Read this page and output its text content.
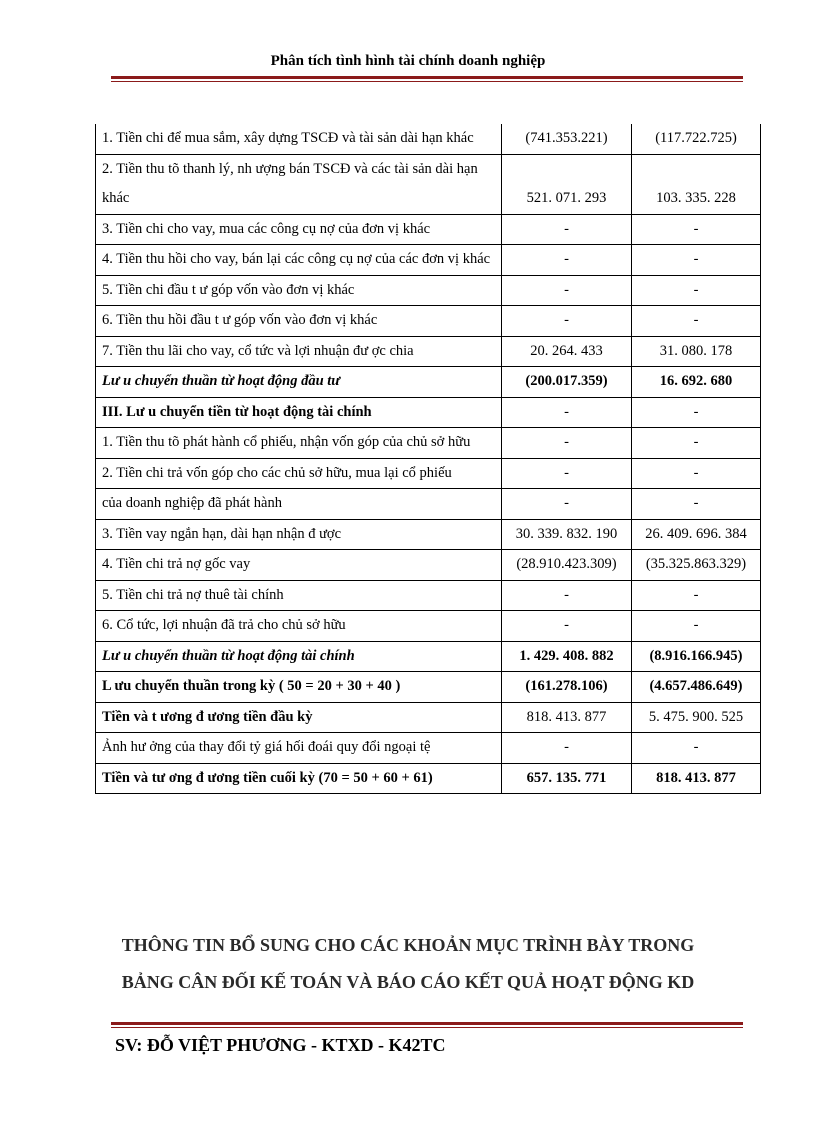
Phân tích tình hình tài chính doanh nghiệp
1. Tiền chi để mua sắm, xây dựng TSCĐ và tài sản dài hạn khác	(741.353.221)	(117.722.725)
2. Tiền thu tõ thanh lý, nh ượng bán TSCĐ và các tài sản dài hạn khác	521. 071. 293	103. 335. 228
3. Tiền chi cho vay, mua các công cụ nợ của đơn vị khác	-	-
4. Tiền thu hồi cho vay, bán lại các công cụ nợ của các đơn vị khác	-	-
5. Tiền chi đầu t ư góp vốn vào đơn vị khác	-	-
6. Tiền thu hồi đầu t ư góp vốn vào đơn vị khác	-	-
7. Tiền thu lãi cho vay, cổ tức và lợi nhuận đư ợc chia	20. 264. 433	31. 080. 178
Lư u chuyển thuần từ hoạt động đầu tư	(200.017.359)	16. 692. 680
III. Lư u chuyển tiền từ hoạt động tài chính	-	-
1. Tiền thu tõ phát hành cổ phiếu, nhận vốn góp của chủ sở hữu	-	-
2. Tiền chi trả vốn góp cho các chủ sở hữu, mua lại cổ phiếu	-	-
của doanh nghiệp đã phát hành	-	-
3. Tiền vay ngắn hạn, dài hạn nhận đ ược	30. 339. 832. 190	26. 409. 696. 384
4. Tiền chi trả nợ gốc vay	(28.910.423.309)	(35.325.863.329)
5. Tiền chi trả nợ thuê tài chính	-	-
6. Cổ tức, lợi nhuận đã trả cho chủ sở hữu	-	-
Lư u chuyển thuần từ hoạt động tài chính	1. 429. 408. 882	(8.916.166.945)
L ưu chuyển thuần trong kỳ ( 50 = 20 + 30 + 40 )	(161.278.106)	(4.657.486.649)
Tiền và t ương đ ương tiền đầu kỳ	818. 413. 877	5. 475. 900. 525
Ảnh hư ởng của thay đổi tỷ giá hối đoái quy đổi ngoại tệ	-	-
Tiền và tư ơng đ ương tiền cuối kỳ (70 = 50 + 60 + 61)	657. 135. 771	818. 413. 877
THÔNG TIN BỔ SUNG CHO CÁC KHOẢN MỤC TRÌNH BÀY TRONG
BẢNG CÂN ĐỐI KẾ TOÁN VÀ BÁO CÁO KẾT QUẢ HOẠT ĐỘNG KD
SV: ĐỖ VIỆT PHƯƠNG - KTXD - K42TC
